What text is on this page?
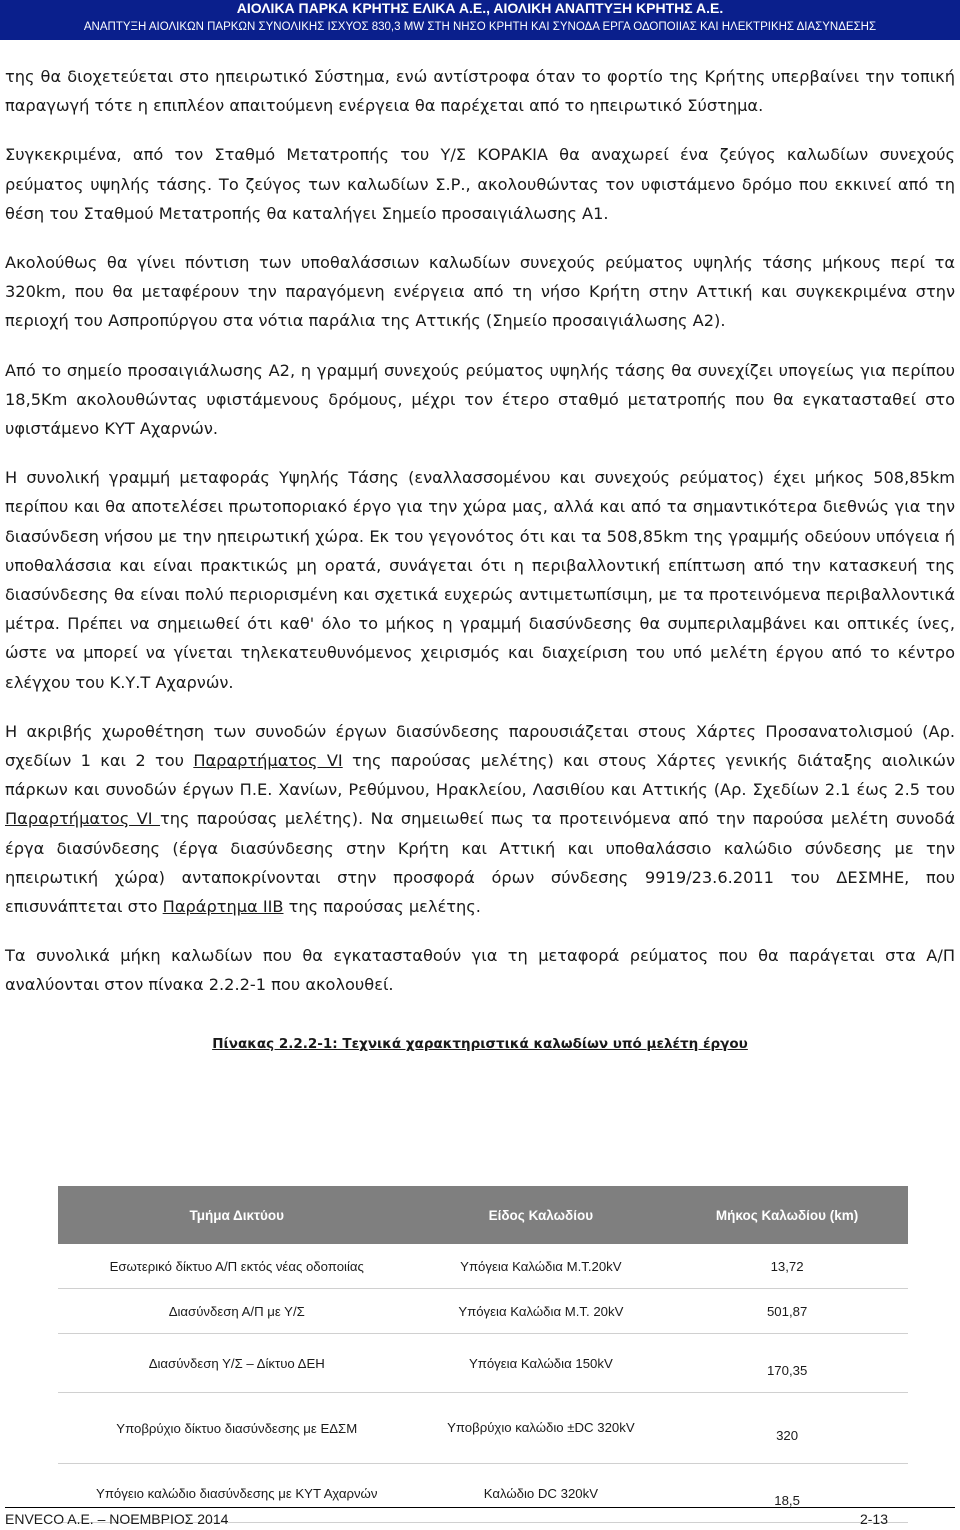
ΑΙΟΛΙΚΑ ΠΑΡΚΑ ΚΡΗΤΗΣ ΕΛΙΚΑ Α.Ε., ΑΙΟΛΙΚΗ ΑΝΑΠΤΥΞΗ ΚΡΗΤΗΣ Α.Ε.
ΑΝΑΠΤΥΞΗ ΑΙΟΛΙΚΩΝ ΠΑΡΚΩΝ ΣΥΝΟΛΙΚΗΣ ΙΣΧΥΟΣ 830,3 MW ΣΤΗ ΝΗΣΟ ΚΡΗΤΗ ΚΑΙ ΣΥΝΟΔΑ ΕΡΓΑ ΟΔΟΠΟΙΙΑΣ ΚΑΙ ΗΛΕΚΤΡΙΚΗΣ ΔΙΑΣΥΝΔΕΣΗΣ

της θα διοχετεύεται στο ηπειρωτικό Σύστημα, ενώ αντίστροφα όταν το φορτίο της Κρήτης υπερβαίνει την τοπική παραγωγή τότε η επιπλέον απαιτούμενη ενέργεια θα παρέχεται από το ηπειρωτικό Σύστημα.

Συγκεκριμένα, από τον Σταθμό Μετατροπής του Υ/Σ ΚΟΡΑΚΙΑ θα αναχωρεί ένα ζεύγος καλωδίων συνεχούς ρεύματος υψηλής τάσης. Το ζεύγος των καλωδίων Σ.Ρ., ακολουθώντας τον υφιστάμενο δρόμο που εκκινεί από τη θέση του Σταθμού Μετατροπής θα καταλήγει Σημείο προσαιγιάλωσης Α1.

Ακολούθως θα γίνει πόντιση των υποθαλάσσιων καλωδίων συνεχούς ρεύματος υψηλής τάσης μήκους περί τα 320km, που θα μεταφέρουν την παραγόμενη ενέργεια από τη νήσο Κρήτη στην Αττική και συγκεκριμένα στην περιοχή του Ασπροπύργου στα νότια παράλια της Αττικής (Σημείο προσαιγιάλωσης Α2).

Από το σημείο προσαιγιάλωσης Α2, η γραμμή συνεχούς ρεύματος υψηλής τάσης θα συνεχίζει υπογείως για περίπου 18,5Km ακολουθώντας υφιστάμενους δρόμους, μέχρι τον έτερο σταθμό μετατροπής που θα εγκατασταθεί στο υφιστάμενο ΚΥΤ Αχαρνών.

Η συνολική γραμμή μεταφοράς Υψηλής Τάσης (εναλλασσομένου και συνεχούς ρεύματος) έχει μήκος 508,85km περίπου και θα αποτελέσει πρωτοποριακό έργο για την χώρα μας, αλλά και από τα σημαντικότερα διεθνώς για την διασύνδεση νήσου με την ηπειρωτική χώρα. Εκ του γεγονότος ότι και τα 508,85km της γραμμής οδεύουν υπόγεια ή υποθαλάσσια και είναι πρακτικώς μη ορατά, συνάγεται ότι η περιβαλλοντική επίπτωση από την κατασκευή της διασύνδεσης θα είναι πολύ περιορισμένη και σχετικά ευχερώς αντιμετωπίσιμη, με τα προτεινόμενα περιβαλλοντικά μέτρα. Πρέπει να σημειωθεί ότι καθ' όλο το μήκος η γραμμή διασύνδεσης θα συμπεριλαμβάνει και οπτικές ίνες, ώστε να μπορεί να γίνεται τηλεκατευθυνόμενος χειρισμός και διαχείριση του υπό μελέτη έργου από το κέντρο ελέγχου του Κ.Υ.Τ Αχαρνών.

Η ακριβής χωροθέτηση των συνοδών έργων διασύνδεσης παρουσιάζεται στους Χάρτες Προσανατολισμού (Αρ. σχεδίων 1 και 2 του Παραρτήματος VI της παρούσας μελέτης) και στους Χάρτες γενικής διάταξης αιολικών πάρκων και συνοδών έργων Π.Ε. Χανίων, Ρεθύμνου, Ηρακλείου, Λασιθίου και Αττικής (Αρ. Σχεδίων 2.1 έως 2.5 του Παραρτήματος VI της παρούσας μελέτης). Να σημειωθεί πως τα προτεινόμενα από την παρούσα μελέτη συνοδά έργα διασύνδεσης (έργα διασύνδεσης στην Κρήτη και Αττική και υποθαλάσσιο καλώδιο σύνδεσης με την ηπειρωτική χώρα) ανταποκρίνονται στην προσφορά όρων σύνδεσης 9919/23.6.2011 του ΔΕΣΜΗΕ, που επισυνάπτεται στο Παράρτημα ΙΙΒ της παρούσας μελέτης.

Τα συνολικά μήκη καλωδίων που θα εγκατασταθούν για τη μεταφορά ρεύματος που θα παράγεται στα Α/Π αναλύονται στον πίνακα 2.2.2-1 που ακολουθεί.

Πίνακας 2.2.2-1: Τεχνικά χαρακτηριστικά καλωδίων υπό μελέτη έργου
Τμήμα Δικτύου	Είδος Καλωδίου	Μήκος Καλωδίου (km)
Εσωτερικό δίκτυο Α/Π εκτός νέας οδοποιίας	Υπόγεια Καλώδια Μ.Τ.20kV	13,72
Διασύνδεση Α/Π με Υ/Σ	Υπόγεια Καλώδια Μ.Τ. 20kV	501,87
Διασύνδεση Υ/Σ – Δίκτυο ΔΕΗ	Υπόγεια Καλώδια 150kV	170,35
Υποβρύχιο δίκτυο διασύνδεσης με ΕΔΣΜ	Υποβρύχιο καλώδιο ±DC 320kV	320
Υπόγειο καλώδιο διασύνδεσης με ΚΥΤ Αχαρνών	Καλώδιο DC 320kV	18,5
ENVECO A.E. – ΝΟΕΜΒΡΙΟΣ 2014	2-13
